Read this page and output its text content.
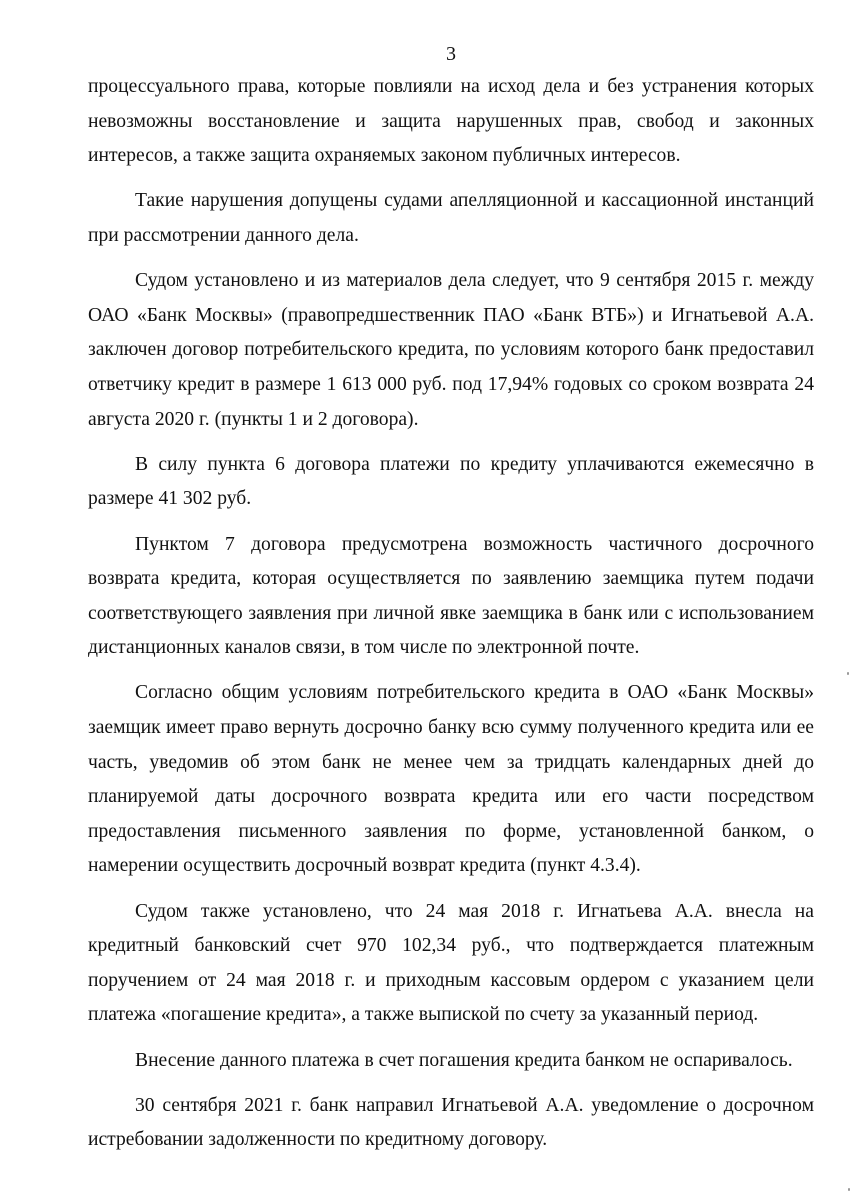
3

процессуального права, которые повлияли на исход дела и без устранения которых невозможны восстановление и защита нарушенных прав, свобод и законных интересов, а также защита охраняемых законом публичных интересов.

Такие нарушения допущены судами апелляционной и кассационной инстанций при рассмотрении данного дела.

Судом установлено и из материалов дела следует, что 9 сентября 2015 г. между ОАО «Банк Москвы» (правопредшественник ПАО «Банк ВТБ») и Игнатьевой А.А. заключен договор потребительского кредита, по условиям которого банк предоставил ответчику кредит в размере 1 613 000 руб. под 17,94% годовых со сроком возврата 24 августа 2020 г. (пункты 1 и 2 договора).

В силу пункта 6 договора платежи по кредиту уплачиваются ежемесячно в размере 41 302 руб.

Пунктом 7 договора предусмотрена возможность частичного досрочного возврата кредита, которая осуществляется по заявлению заемщика путем подачи соответствующего заявления при личной явке заемщика в банк или с использованием дистанционных каналов связи, в том числе по электронной почте.

Согласно общим условиям потребительского кредита в ОАО «Банк Москвы» заемщик имеет право вернуть досрочно банку всю сумму полученного кредита или ее часть, уведомив об этом банк не менее чем за тридцать календарных дней до планируемой даты досрочного возврата кредита или его части посредством предоставления письменного заявления по форме, установленной банком, о намерении осуществить досрочный возврат кредита (пункт 4.3.4).

Судом также установлено, что 24 мая 2018 г. Игнатьева А.А. внесла на кредитный банковский счет 970 102,34 руб., что подтверждается платежным поручением от 24 мая 2018 г. и приходным кассовым ордером с указанием цели платежа «погашение кредита», а также выпиской по счету за указанный период.

Внесение данного платежа в счет погашения кредита банком не оспаривалось.

30 сентября 2021 г. банк направил Игнатьевой А.А. уведомление о досрочном истребовании задолженности по кредитному договору.
